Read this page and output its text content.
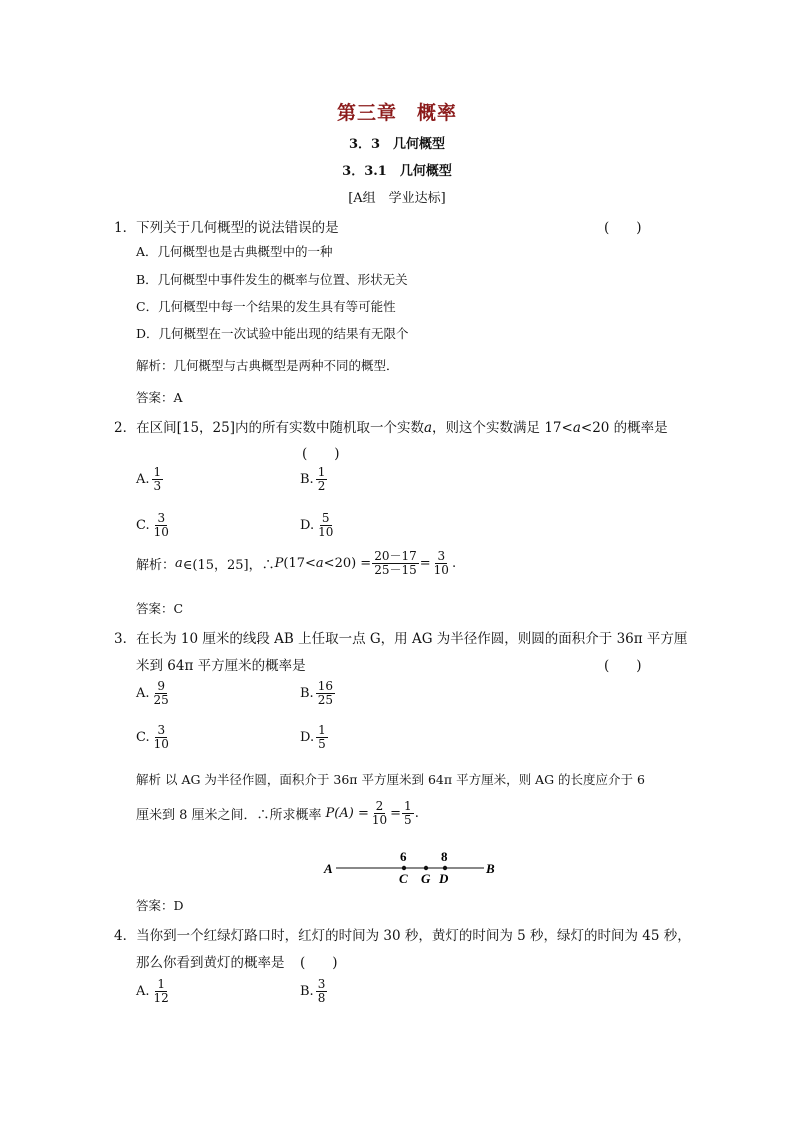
第三章　概率
3．3　几何概型
3．3.1　几何概型
[A组　学业达标]
1．下列关于几何概型的说法错误的是	(　　)
A．几何概型也是古典概型中的一种
B．几何概型中事件发生的概率与位置、形状无关
C．几何概型中每一个结果的发生具有等可能性
D．几何概型在一次试验中能出现的结果有无限个
解析：几何概型与古典概型是两种不同的概型．
答案：A
2．在区间[15，25]内的所有实数中随机取一个实数a，则这个实数满足 17<a<20 的概率是
(　　)
A. $\frac{1}{3}$	B. $\frac{1}{2}$
C. $\frac{3}{10}$	D. $\frac{5}{10}$
解析： a ∈(15，25]，∴ P $(17< a <20) = \frac{20-17}{25-15} = \frac{3}{10}$ .
答案：C
3．在长为 10 厘米的线段 AB 上任取一点 G，用 AG 为半径作圆，则圆的面积介于 36π 平方厘
米到 64π 平方厘米的概率是	(　　)
A. $\frac{9}{25}$	B. $\frac{16}{25}$
C. $\frac{3}{10}$	D. $\frac{1}{5}$
解析 以 AG 为半径作圆，面积介于 36π 平方厘米到 64π 平方厘米，则 AG 的长度应介于 6
厘米到 8 厘米之间．∴所求概率 $P(A) = \frac{2}{10} = \frac{1}{5}$ .
A	B
6	8
C G D
答案：D
4．当你到一个红绿灯路口时，红灯的时间为 30 秒，黄灯的时间为 5 秒，绿灯的时间为 45 秒，
那么你看到黄灯的概率是 (　　)
A. $\frac{1}{12}$	B. $\frac{3}{8}$
